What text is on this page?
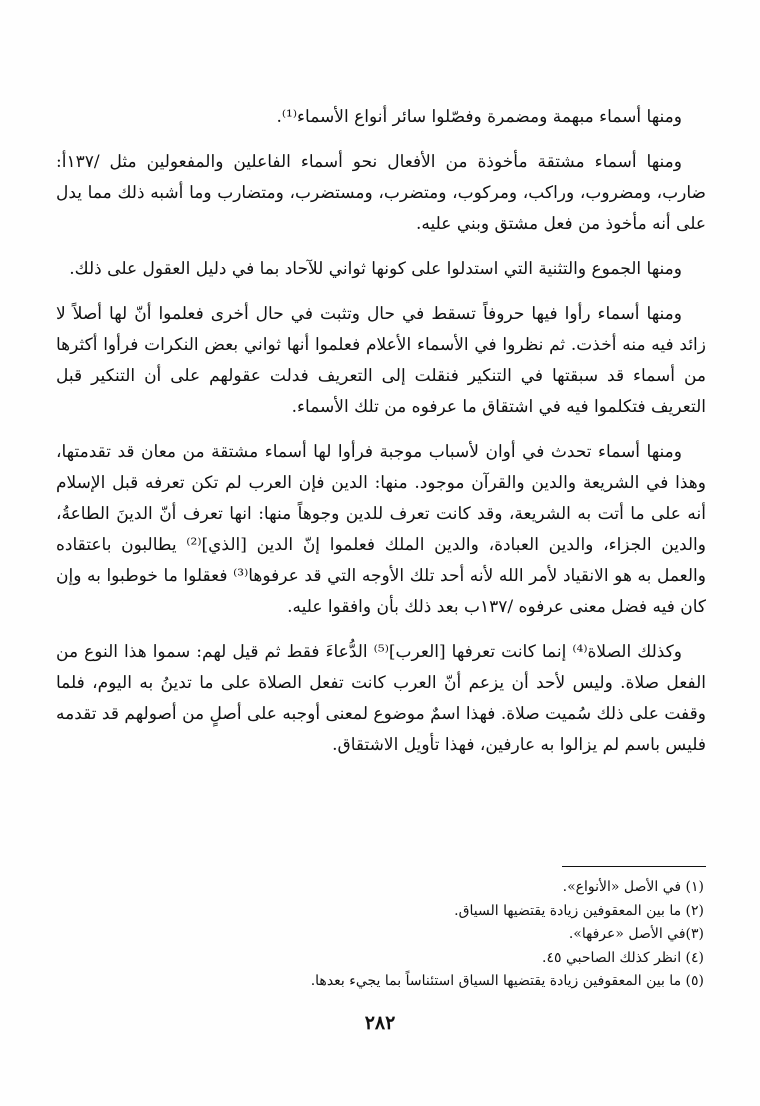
ومنها أسماء مبهمة ومضمرة وفصّلوا سائر أنواع الأسماء⁽¹⁾.

ومنها أسماء مشتقة مأخوذة من الأفعال نحو أسماء الفاعلين والمفعولين مثل /١٣٧أ: ضارب، ومضروب، وراكب، ومركوب، ومتضرب، ومستضرب، ومتضارب وما أشبه ذلك مما يدل على أنه مأخوذ من فعل مشتق وبني عليه.

ومنها الجموع والتثنية التي استدلوا على كونها ثواني للآحاد بما في دليل العقول على ذلك.

ومنها أسماء رأوا فيها حروفاً تسقط في حال وتثبت في حال أخرى فعلموا أنّ لها أصلاً لا زائد فيه منه أخذت. ثم نظروا في الأسماء الأعلام فعلموا أنها ثواني بعض النكرات فرأوا أكثرها من أسماء قد سبقتها في التنكير فنقلت إلى التعريف فدلت عقولهم على أن التنكير قبل التعريف فتكلموا فيه في اشتقاق ما عرفوه من تلك الأسماء.

ومنها أسماء تحدث في أوان لأسباب موجبة فرأوا لها أسماء مشتقة من معان قد تقدمتها، وهذا في الشريعة والدين والقرآن موجود. منها: الدين فإن العرب لم تكن تعرفه قبل الإسلام أنه على ما أتت به الشريعة، وقد كانت تعرف للدين وجوهاً منها: انها تعرف أنّ الدينَ الطاعةُ، والدين الجزاء، والدين العبادة، والدين الملك فعلموا إنّ الدين [الذي]⁽²⁾ يطالبون باعتقاده والعمل به هو الانقياد لأمر الله لأنه أحد تلك الأوجه التي قد عرفوها⁽³⁾ فعقلوا ما خوطبوا به وإن كان فيه فضل معنى عرفوه /١٣٧ب بعد ذلك بأن وافقوا عليه.

وكذلك الصلاة⁽⁴⁾ إنما كانت تعرفها [العرب]⁽⁵⁾ الدُّعاءَ فقط ثم قيل لهم: سموا هذا النوع من الفعل صلاة. وليس لأحد أن يزعم أنّ العرب كانت تفعل الصلاة على ما تدينُ به اليوم، فلما وقفت على ذلك سُميت صلاة. فهذا اسمٌ موضوع لمعنى أوجبه على أصلٍ من أصولهم قد تقدمه فليس باسم لم يزالوا به عارفين، فهذا تأويل الاشتقاق.

(١) في الأصل «الأنواع».

(٢) ما بين المعقوفين زيادة يقتضيها السياق.

(٣)في الأصل «عرفها».

(٤) انظر كذلك الصاحبي ٤٥.

(٥) ما بين المعقوفين زيادة يقتضيها السياق استئناساً بما يجيء بعدها.

٢٨٢
